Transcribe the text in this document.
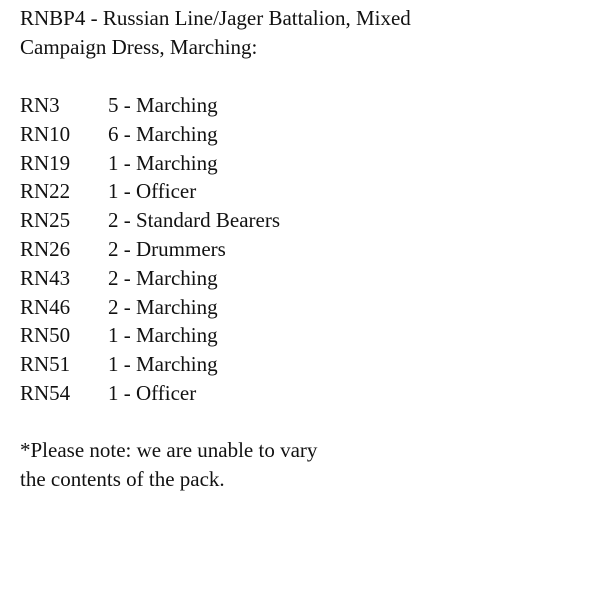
RNBP4 - Russian Line/Jager Battalion, Mixed
Campaign Dress, Marching:
RN3	5 - Marching
RN10	6 - Marching
RN19	1 - Marching
RN22	1 - Officer
RN25	2 - Standard Bearers
RN26	2 - Drummers
RN43	2 - Marching
RN46	2 - Marching
RN50	1 - Marching
RN51	1 - Marching
RN54	1 - Officer
*Please note: we are unable to vary
the contents of the pack.
